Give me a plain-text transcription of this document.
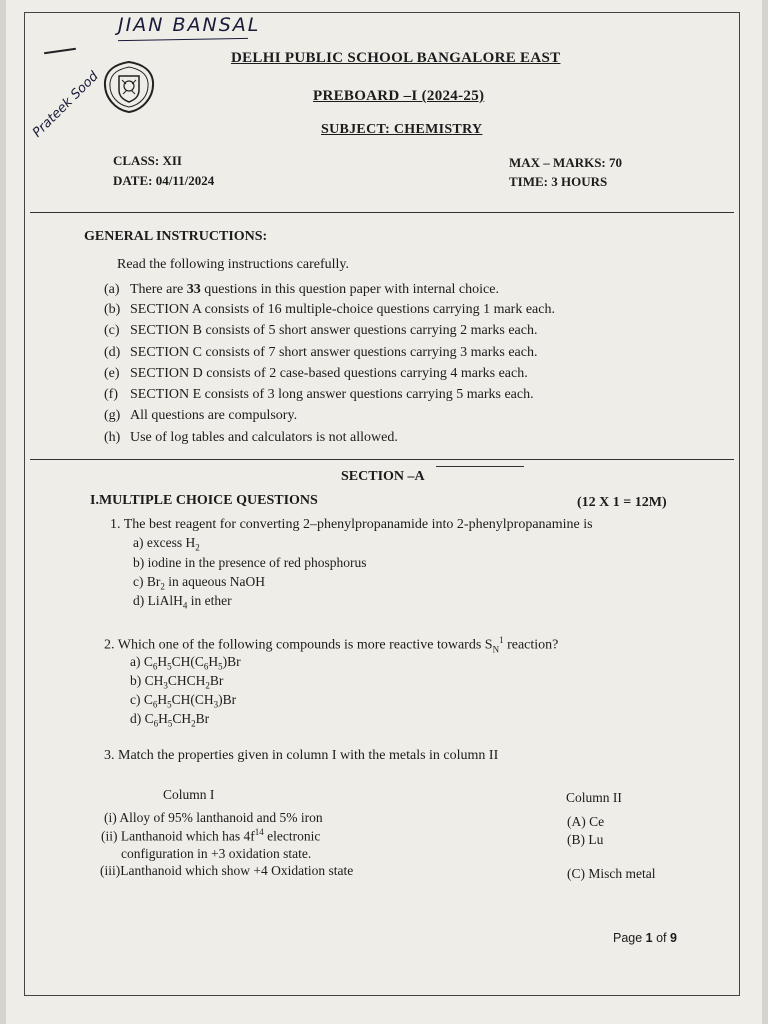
JIAN BANSAL
Prateek Sood
DELHI PUBLIC SCHOOL BANGALORE EAST
PREBOARD –I (2024-25)
SUBJECT: CHEMISTRY
CLASS: XII
DATE: 04/11/2024
MAX – MARKS: 70
TIME: 3 HOURS
GENERAL INSTRUCTIONS:
Read the following instructions carefully.
(a) There are 33 questions in this question paper with internal choice.
(b) SECTION A consists of 16 multiple-choice questions carrying 1 mark each.
(c) SECTION B consists of 5 short answer questions carrying 2 marks each.
(d) SECTION C consists of 7 short answer questions carrying 3 marks each.
(e) SECTION D consists of 2 case-based questions carrying 4 marks each.
(f) SECTION E consists of 3 long answer questions carrying 5 marks each.
(g) All questions are compulsory.
(h) Use of log tables and calculators is not allowed.
SECTION –A
I.MULTIPLE CHOICE QUESTIONS	(12 X 1 = 12M)
1. The best reagent for converting 2–phenylpropanamide into 2-phenylpropanamine is
a) excess $H_2$
b) iodine in the presence of red phosphorus
c) $Br_2$ in aqueous NaOH
d) LiAlH$_4$ in ether
2. Which one of the following compounds is more reactive towards $S_N^1$ reaction?
a) $C_6H_5CH(C_6H_5)Br$
b) $CH_3CHCH_2Br$
c) $C_6H_5CH(CH_3)Br$
d) $C_6H_5CH_2Br$
3. Match the properties given in column I with the metals in column II
Column I	Column II
(i) Alloy of 95% lanthanoid and 5% iron
(ii) Lanthanoid which has $4f^{14}$ electronic
configuration in +3 oxidation state.
(iii)Lanthanoid which show +4 Oxidation state
(A) Ce
(B) Lu
(C) Misch metal
Page 1 of 9
